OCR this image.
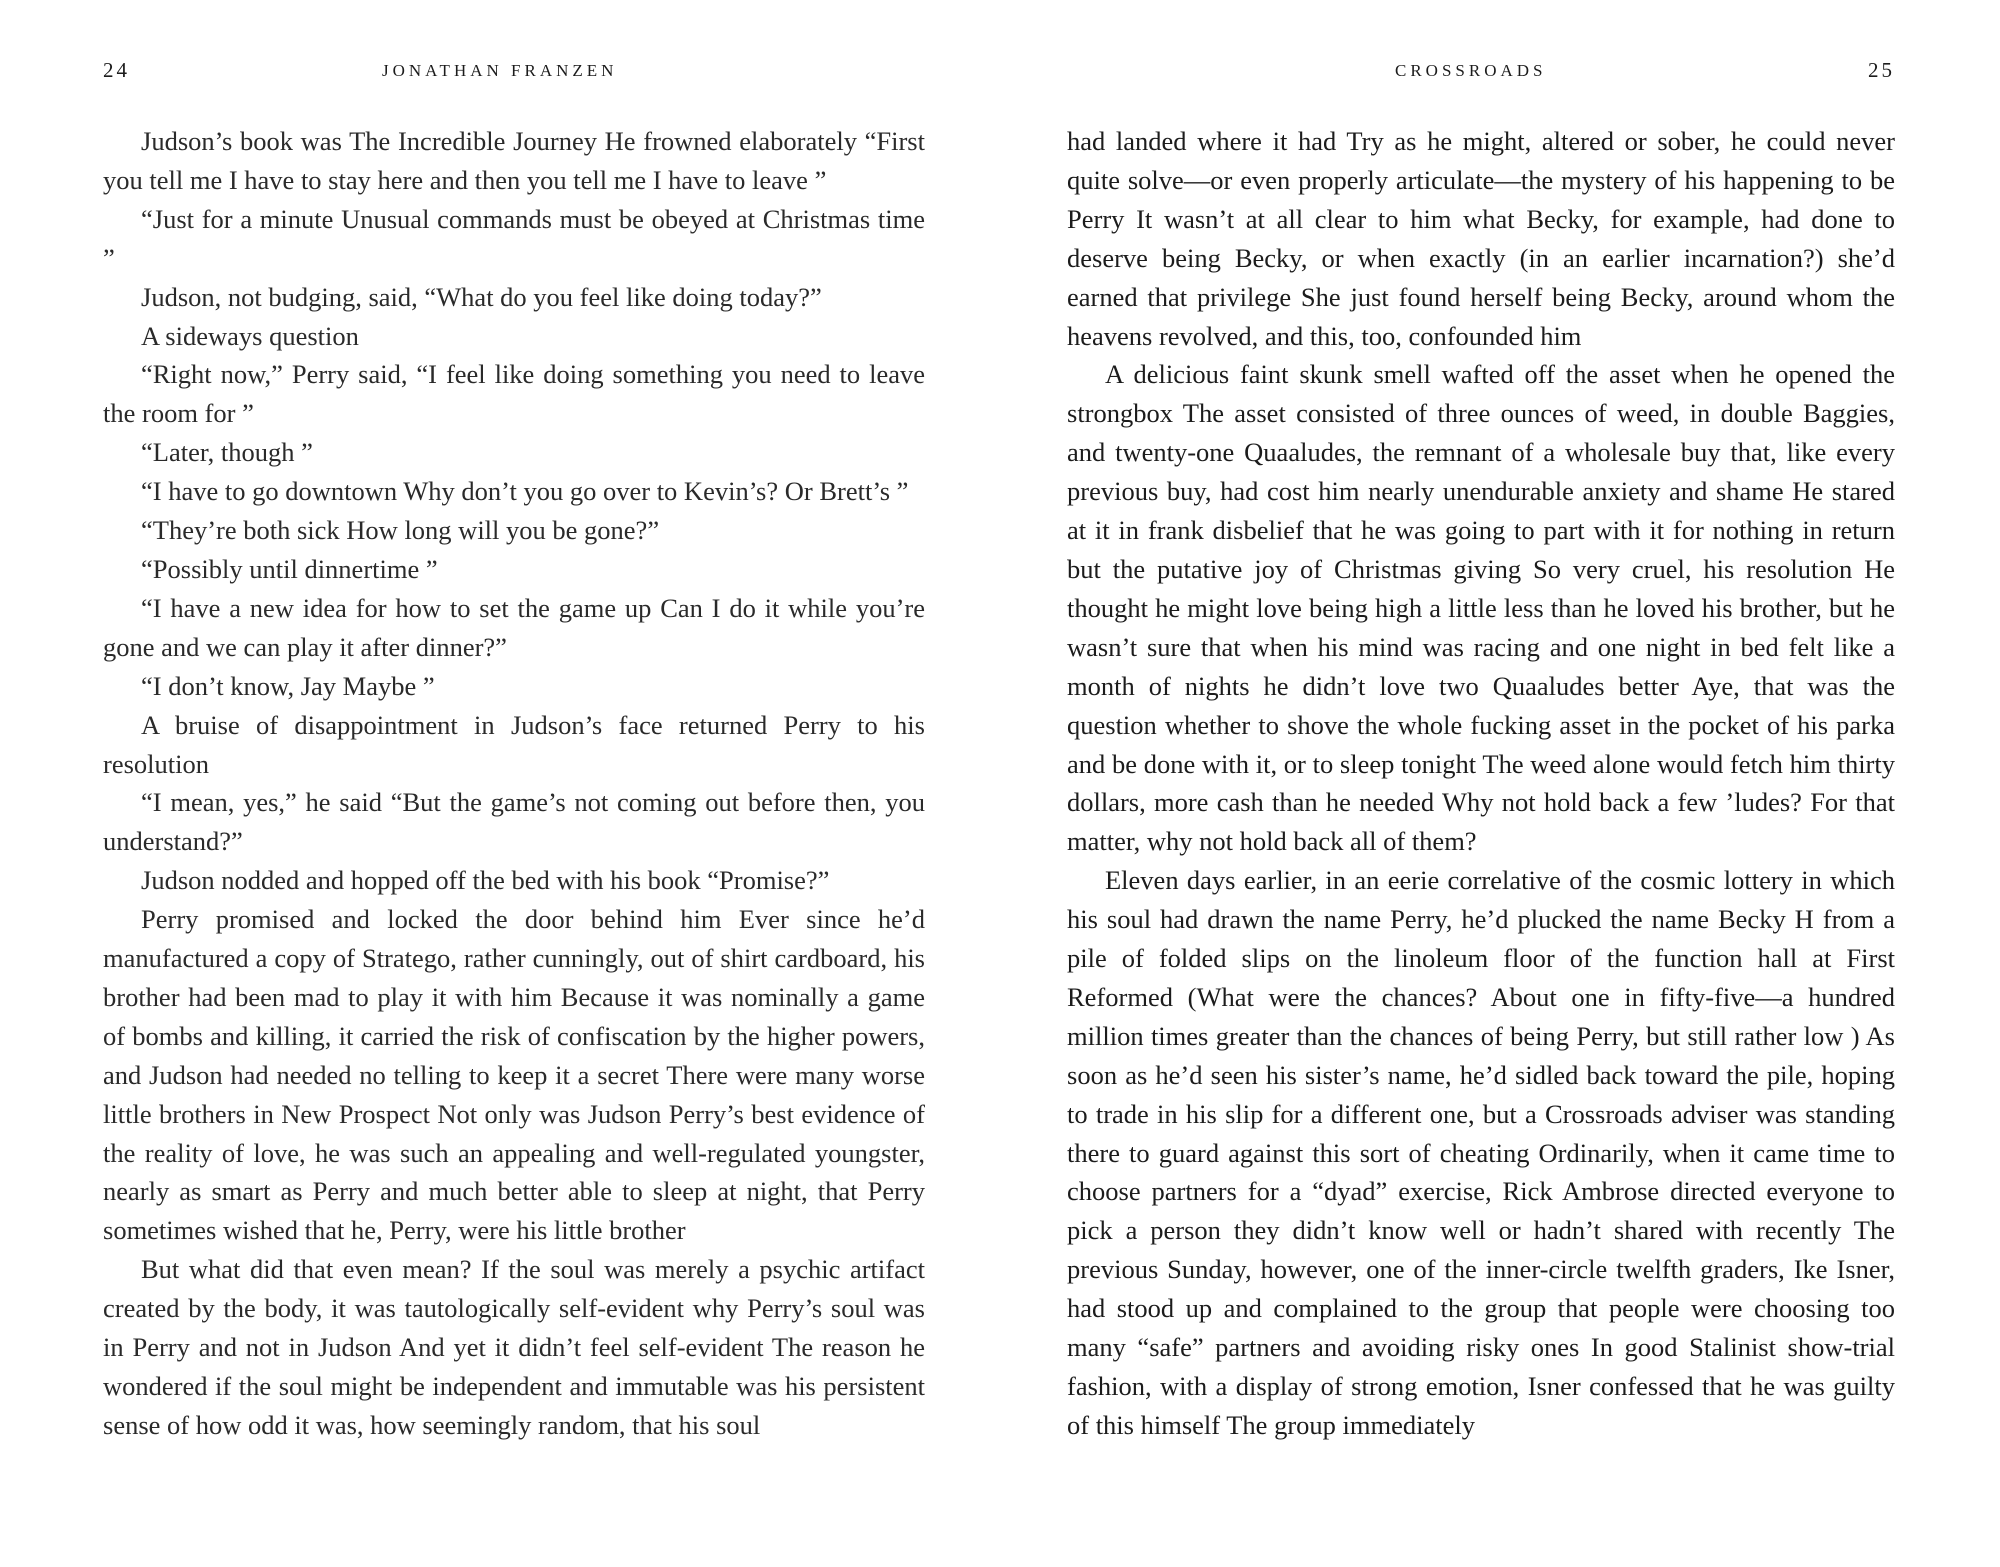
24	JONATHAN FRANZEN

Judson’s book was The Incredible Journey He frowned elaborately “First you tell me I have to stay here and then you tell me I have to leave ”

“Just for a minute Unusual commands must be obeyed at Christmas time ”

Judson, not budging, said, “What do you feel like doing today?”

A sideways question

“Right now,” Perry said, “I feel like doing something you need to leave the room for ”

“Later, though ”

“I have to go downtown Why don’t you go over to Kevin’s? Or Brett’s ”

“They’re both sick How long will you be gone?”

“Possibly until dinnertime ”

“I have a new idea for how to set the game up Can I do it while you’re gone and we can play it after dinner?”

“I don’t know, Jay Maybe ”

A bruise of disappointment in Judson’s face returned Perry to his resolution

“I mean, yes,” he said “But the game’s not coming out before then, you understand?”

Judson nodded and hopped off the bed with his book “Promise?”

Perry promised and locked the door behind him Ever since he’d manufactured a copy of Stratego, rather cunningly, out of shirt cardboard, his brother had been mad to play it with him Because it was nominally a game of bombs and killing, it carried the risk of confiscation by the higher powers, and Judson had needed no telling to keep it a secret There were many worse little brothers in New Prospect Not only was Judson Perry’s best evidence of the reality of love, he was such an appealing and well-regulated youngster, nearly as smart as Perry and much better able to sleep at night, that Perry sometimes wished that he, Perry, were his little brother

But what did that even mean? If the soul was merely a psychic artifact created by the body, it was tautologically self-evident why Perry’s soul was in Perry and not in Judson And yet it didn’t feel self-evident The reason he wondered if the soul might be independent and immutable was his persistent sense of how odd it was, how seemingly random, that his soul

CROSSROADS	25

had landed where it had Try as he might, altered or sober, he could never quite solve—or even properly articulate—the mystery of his happening to be Perry It wasn’t at all clear to him what Becky, for example, had done to deserve being Becky, or when exactly (in an earlier incarnation?) she’d earned that privilege She just found herself being Becky, around whom the heavens revolved, and this, too, confounded him

A delicious faint skunk smell wafted off the asset when he opened the strongbox The asset consisted of three ounces of weed, in double Baggies, and twenty-one Quaaludes, the remnant of a wholesale buy that, like every previous buy, had cost him nearly unendurable anxiety and shame He stared at it in frank disbelief that he was going to part with it for nothing in return but the putative joy of Christmas giving So very cruel, his resolution He thought he might love being high a little less than he loved his brother, but he wasn’t sure that when his mind was racing and one night in bed felt like a month of nights he didn’t love two Quaaludes better Aye, that was the question whether to shove the whole fucking asset in the pocket of his parka and be done with it, or to sleep tonight The weed alone would fetch him thirty dollars, more cash than he needed Why not hold back a few ’ludes? For that matter, why not hold back all of them?

Eleven days earlier, in an eerie correlative of the cosmic lottery in which his soul had drawn the name Perry, he’d plucked the name Becky H from a pile of folded slips on the linoleum floor of the function hall at First Reformed (What were the chances? About one in fifty-five—a hundred million times greater than the chances of being Perry, but still rather low ) As soon as he’d seen his sister’s name, he’d sidled back toward the pile, hoping to trade in his slip for a different one, but a Crossroads adviser was standing there to guard against this sort of cheating Ordinarily, when it came time to choose partners for a “dyad” exercise, Rick Ambrose directed everyone to pick a person they didn’t know well or hadn’t shared with recently The previous Sunday, however, one of the inner-circle twelfth graders, Ike Isner, had stood up and complained to the group that people were choosing too many “safe” partners and avoiding risky ones In good Stalinist show-trial fashion, with a display of strong emotion, Isner confessed that he was guilty of this himself The group immediately
